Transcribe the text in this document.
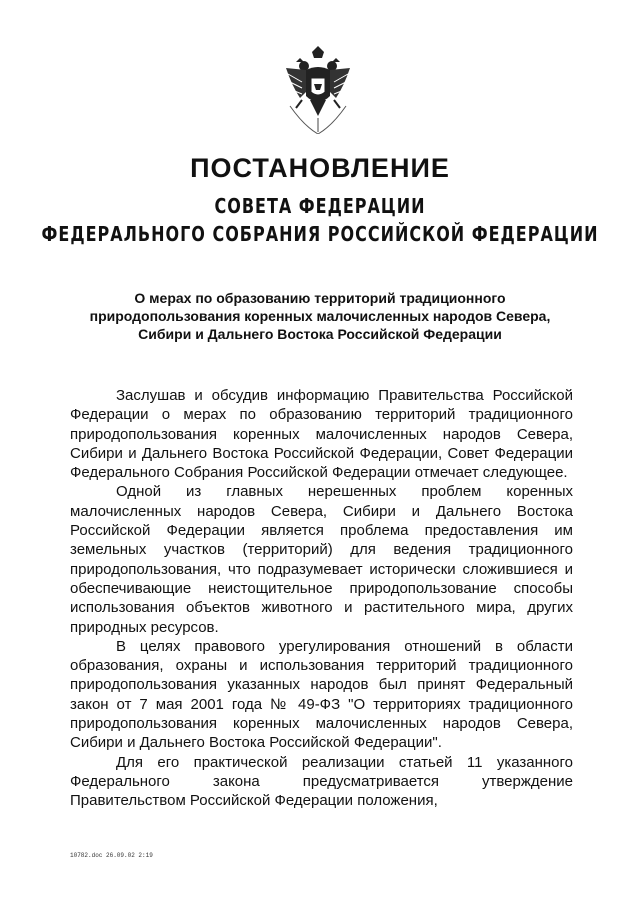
ПОСТАНОВЛЕНИЕ
СОВЕТА ФЕДЕРАЦИИ
ФЕДЕРАЛЬНОГО СОБРАНИЯ РОССИЙСКОЙ ФЕДЕРАЦИИ
О мерах по образованию территорий традиционного
природопользования коренных малочисленных народов Севера,
Сибири и Дальнего Востока Российской Федерации

Заслушав и обсудив информацию Правительства Российской Федерации о мерах по образованию территорий традиционного природопользования коренных малочисленных народов Севера, Сибири и Дальнего Востока Российской Федерации, Совет Федерации Федерального Собрания Российской Федерации отмечает следующее.

Одной из главных нерешенных проблем коренных малочисленных народов Севера, Сибири и Дальнего Востока Российской Федерации является проблема предоставления им земельных участков (территорий) для ведения традиционного природопользования, что подразумевает исторически сложившиеся и обеспечивающие неистощительное природопользование способы использования объектов животного и растительного мира, других природных ресурсов.

В целях правового урегулирования отношений в области образования, охраны и использования территорий традиционного природопользования указанных народов был принят Федеральный закон от 7 мая 2001 года № 49-ФЗ "О территориях традиционного природопользования коренных малочисленных народов Севера, Сибири и Дальнего Востока Российской Федерации".

Для его практической реализации статьей 11 указанного Федерального закона предусматривается утверждение Правительством Российской Федерации положения,

10782.doc 26.09.02 2:19
